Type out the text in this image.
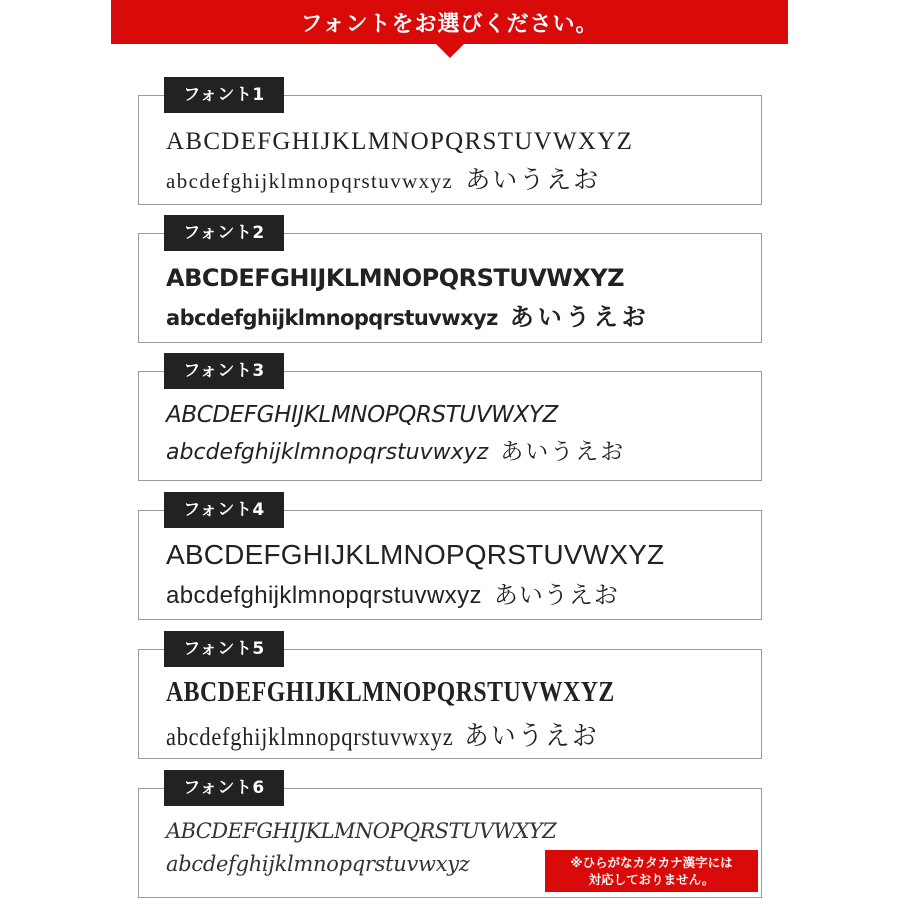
フォントをお選びください。
フォント1
ABCDEFGHIJKLMNOPQRSTUVWXYZ
abcdefghijklmnopqrstuvwxyz あいうえお
フォント2
ABCDEFGHIJKLMNOPQRSTUVWXYZ
abcdefghijklmnopqrstuvwxyz あいうえお
フォント3
ABCDEFGHIJKLMNOPQRSTUVWXYZ
abcdefghijklmnopqrstuvwxyz あいうえお
フォント4
ABCDEFGHIJKLMNOPQRSTUVWXYZ
abcdefghijklmnopqrstuvwxyz あいうえお
フォント5
ABCDEFGHIJKLMNOPQRSTUVWXYZ
abcdefghijklmnopqrstuvwxyz あいうえお
フォント6
ABCDEFGHIJKLMNOPQRSTUVWXYZ
abcdefghijklmnopqrstuvwxyz	※ひらがなカタカナ漢字には
対応しておりません。
